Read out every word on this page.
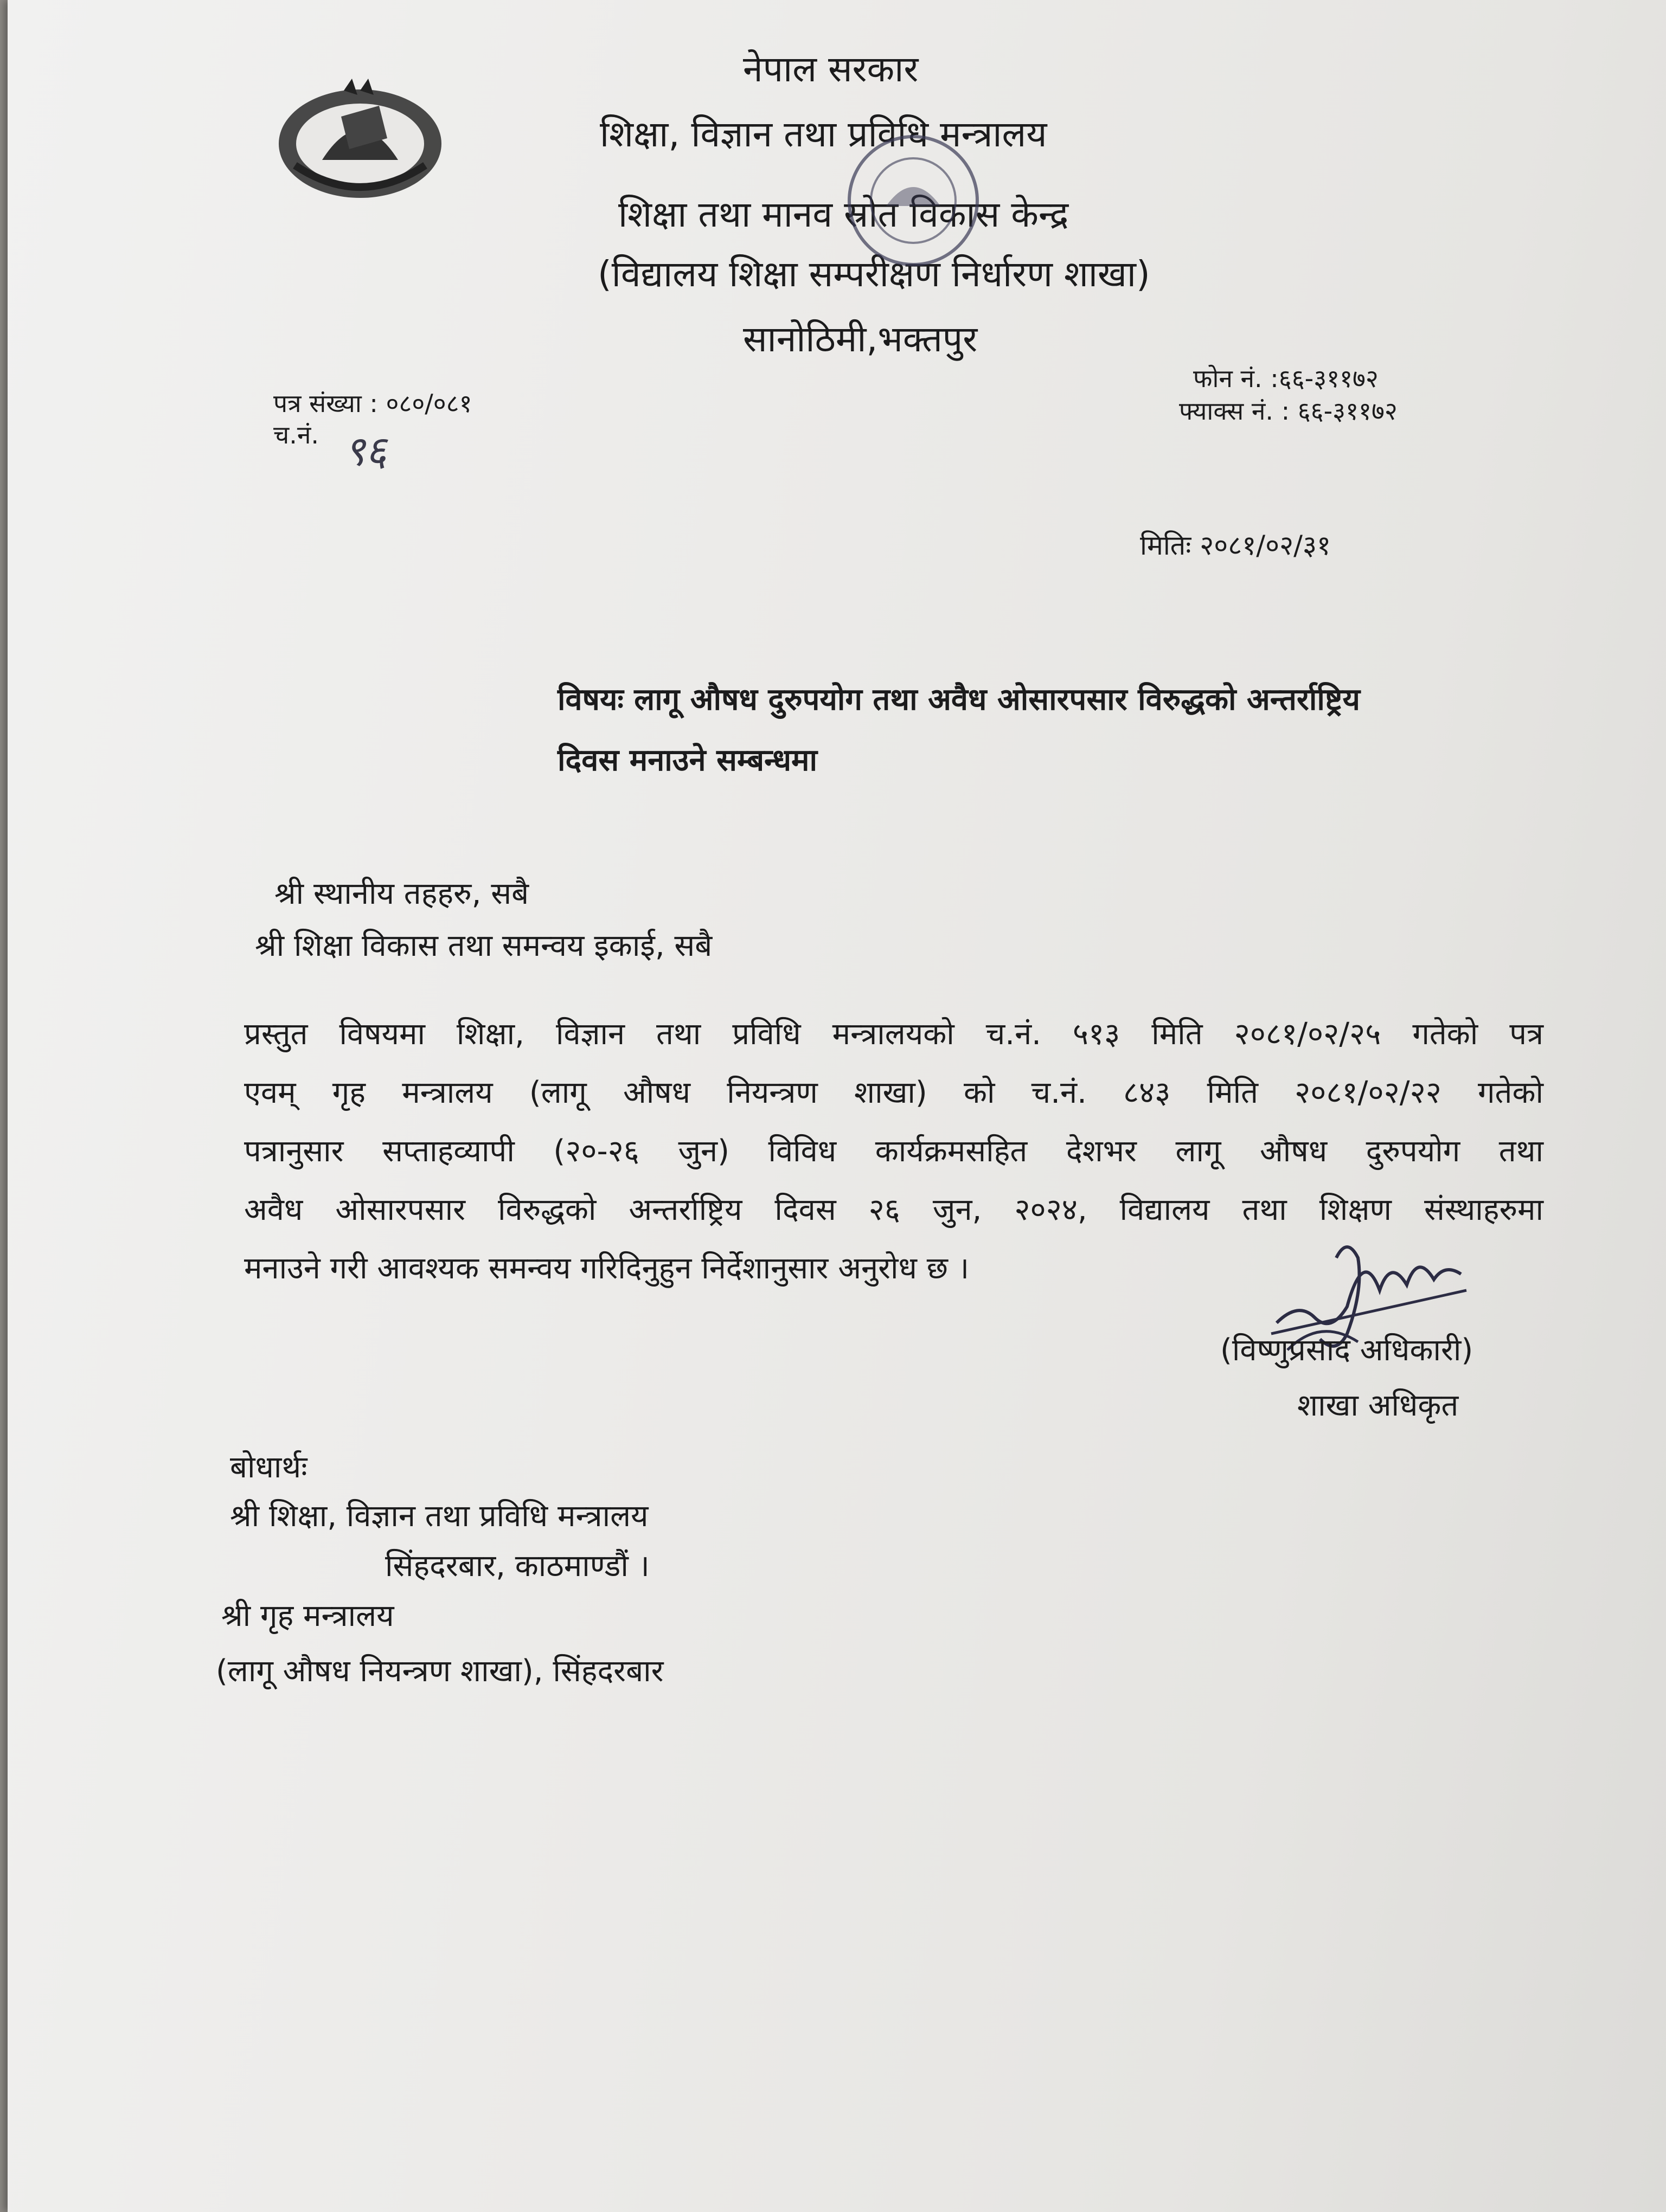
नेपाल सरकार
शिक्षा, विज्ञान तथा प्रविधि मन्त्रालय
शिक्षा तथा मानव स्रोत विकास केन्द्र
(विद्यालय शिक्षा सम्परीक्षण निर्धारण शाखा)
सानोठिमी,भक्तपुर
पत्र संख्या : ०८०/०८१
च.नं. ९६
फोन नं. :६६-३११७२
फ्याक्स नं. : ६६-३११७२
मितिः २०८१/०२/३१
विषयः लागू औषध दुरुपयोग तथा अवैध ओसारपसार विरुद्धको अन्तर्राष्ट्रिय
दिवस मनाउने सम्बन्धमा
श्री स्थानीय तहहरु, सबै
श्री शिक्षा विकास तथा समन्वय इकाई, सबै
प्रस्तुत विषयमा शिक्षा, विज्ञान तथा प्रविधि मन्त्रालयको च.नं. ५१३ मिति २०८१/०२/२५ गतेको पत्र
एवम् गृह मन्त्रालय (लागू औषध नियन्त्रण शाखा) को च.नं. ८४३ मिति २०८१/०२/२२ गतेको
पत्रानुसार सप्ताहव्यापी (२०-२६ जुन) विविध कार्यक्रमसहित देशभर लागू औषध दुरुपयोग तथा
अवैध ओसारपसार विरुद्धको अन्तर्राष्ट्रिय दिवस २६ जुन, २०२४, विद्यालय तथा शिक्षण संस्थाहरुमा
मनाउने गरी आवश्यक समन्वय गरिदिनुहुन निर्देशानुसार अनुरोध छ ।
(विष्णुप्रसाद अधिकारी)
शाखा अधिकृत
बोधार्थः
श्री शिक्षा, विज्ञान तथा प्रविधि मन्त्रालय
सिंहदरबार, काठमाण्डौं ।
श्री गृह मन्त्रालय
(लागू औषध नियन्त्रण शाखा), सिंहदरबार
